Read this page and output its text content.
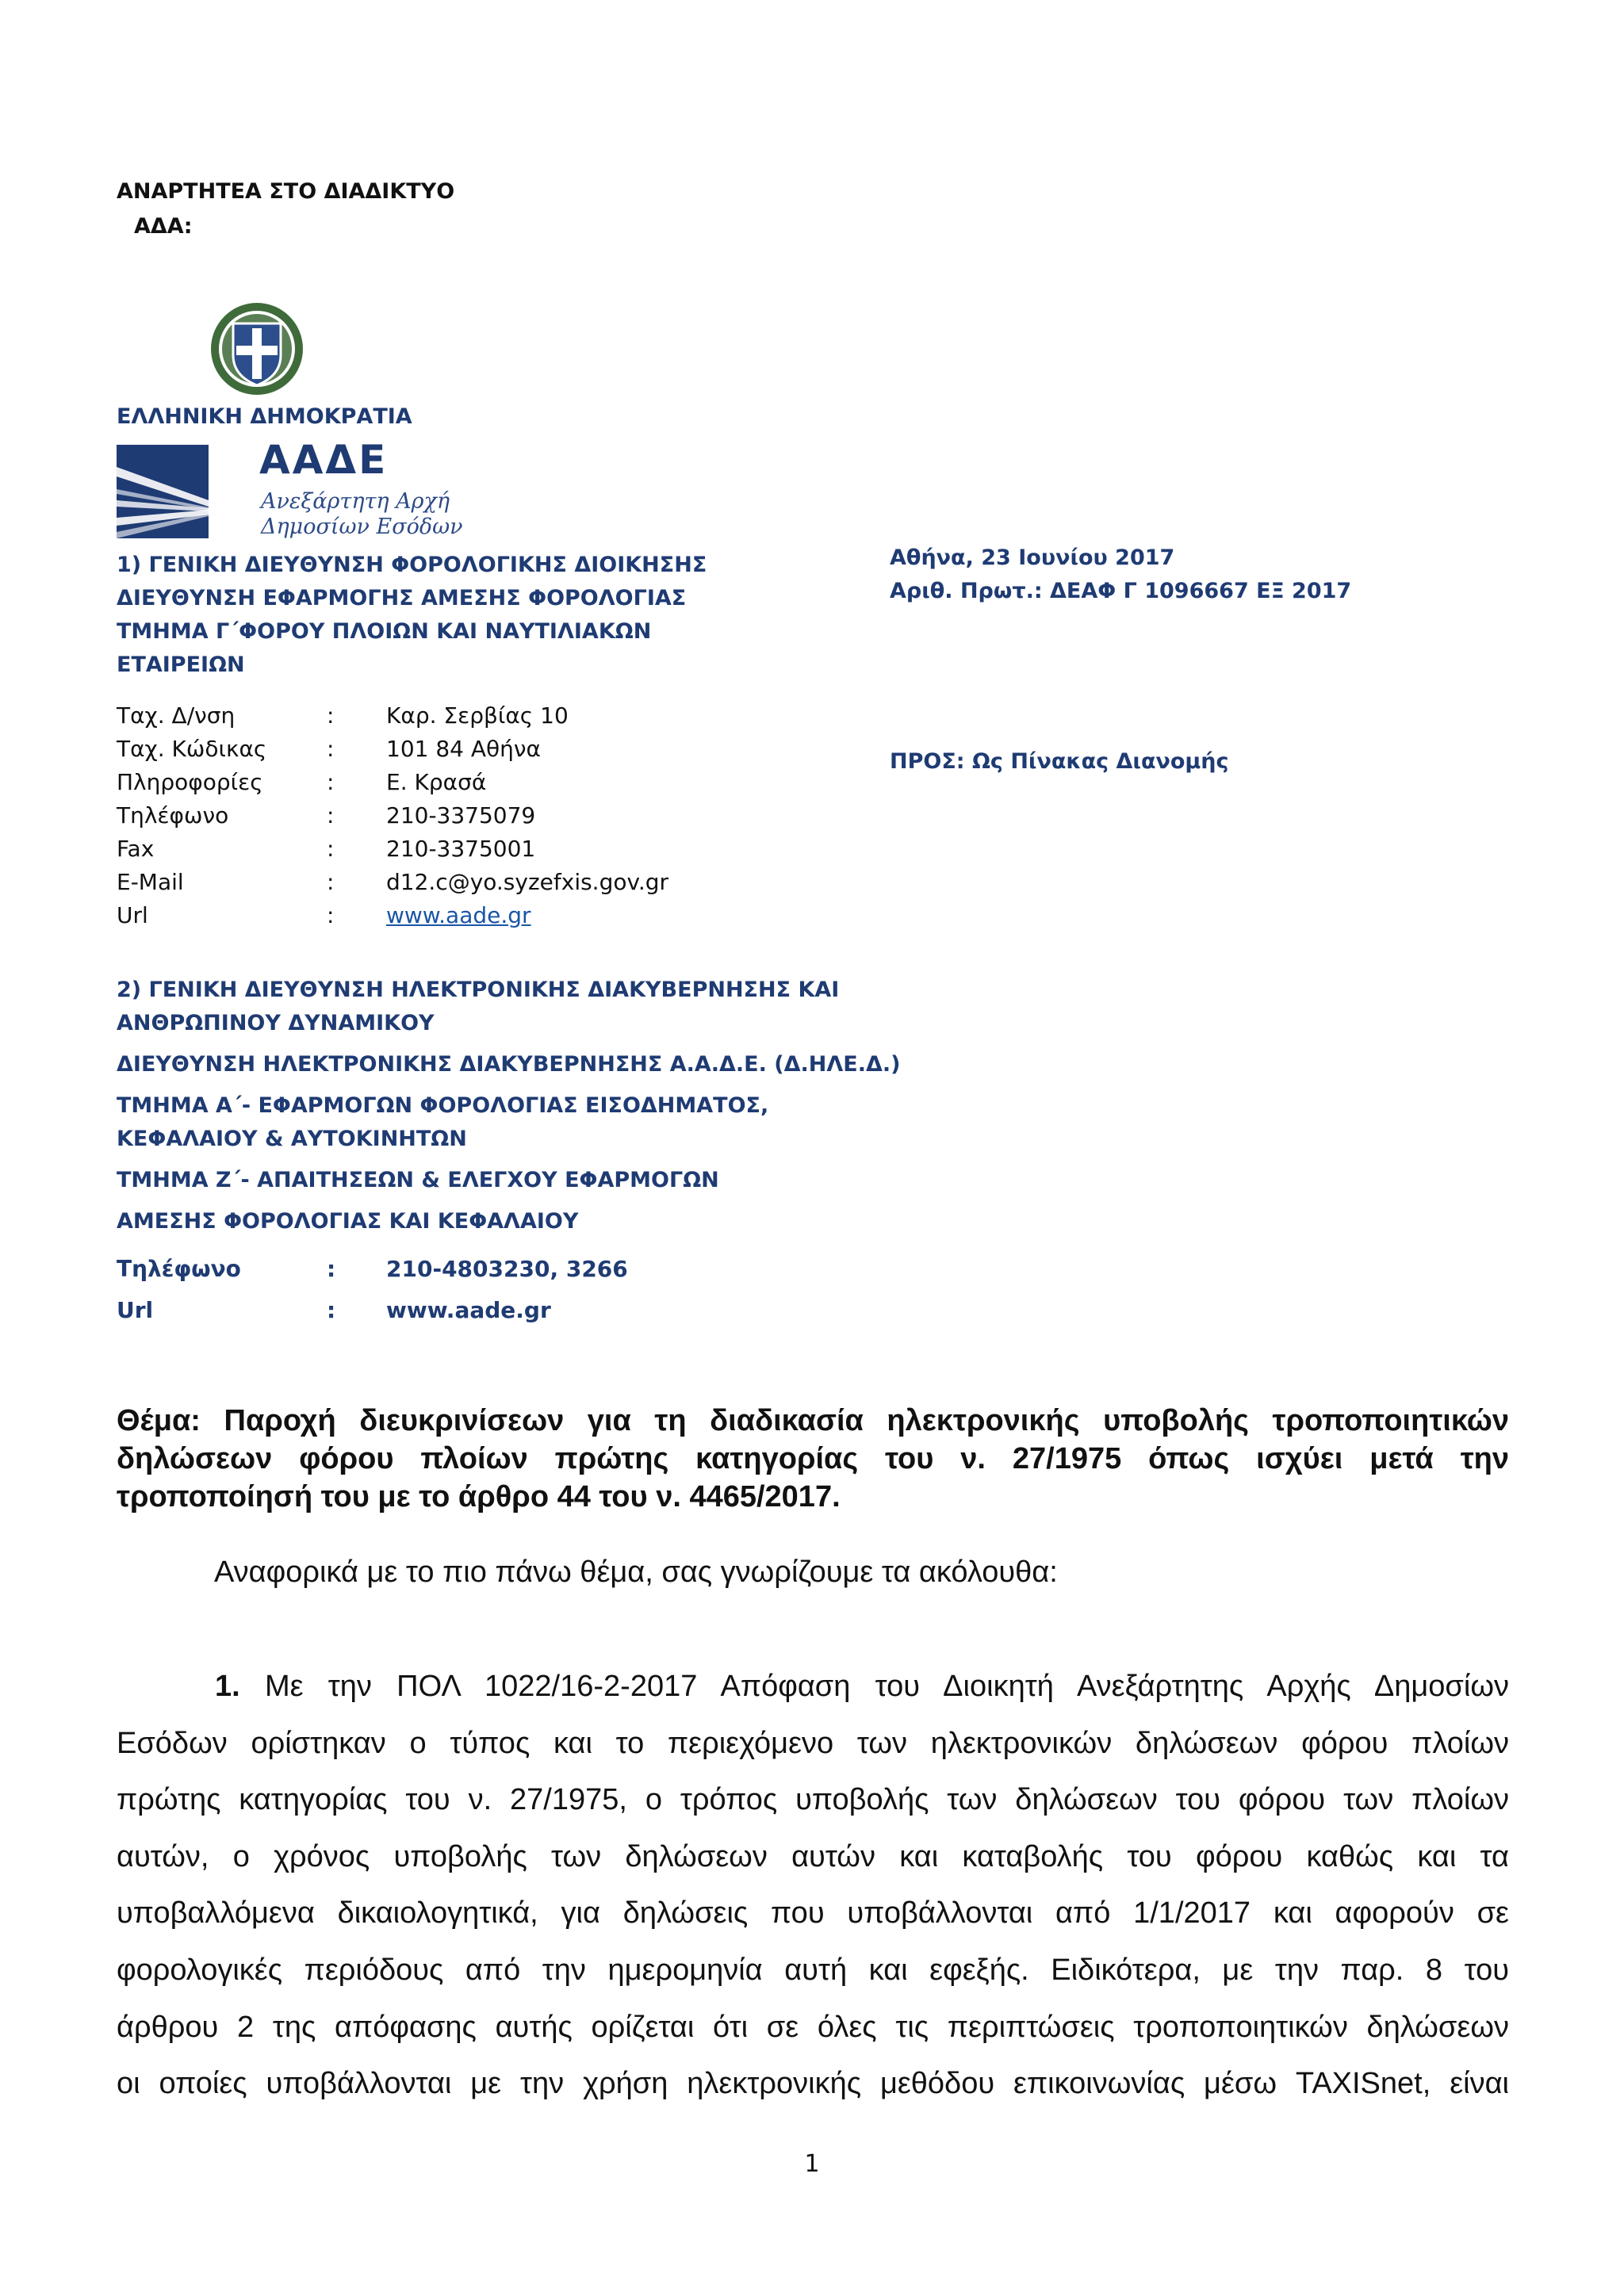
ΑΝΑΡΤΗΤΕΑ ΣΤΟ ΔΙΑΔΙΚΤΥΟ
ΑΔΑ:
ΕΛΛΗΝΙΚΗ ΔΗΜΟΚΡΑΤΙΑ
ΑΑΔΕ
Ανεξάρτητη Αρχή
Δημοσίων Εσόδων
1) ΓΕΝΙΚΗ ΔΙΕΥΘΥΝΣΗ ΦΟΡΟΛΟΓΙΚΗΣ ΔΙΟΙΚΗΣΗΣ
ΔΙΕΥΘΥΝΣΗ ΕΦΑΡΜΟΓΗΣ ΑΜΕΣΗΣ ΦΟΡΟΛΟΓΙΑΣ
ΤΜΗΜΑ Γ΄ΦΟΡΟΥ ΠΛΟΙΩΝ ΚΑΙ ΝΑΥΤΙΛΙΑΚΩΝ
ΕΤΑΙΡΕΙΩΝ
Ταχ. Δ/νση	:	Καρ. Σερβίας 10
Ταχ. Κώδικας	:	101 84 Αθήνα
Πληροφορίες	:	Ε. Κρασά
Τηλέφωνο	:	210-3375079
Fax	:	210-3375001
E-Mail	:	d12.c@yo.syzefxis.gov.gr
Url	:	www.aade.gr
Αθήνα, 23 Ιουνίου 2017
Αριθ. Πρωτ.: ΔΕΑΦ Γ 1096667 ΕΞ 2017
ΠΡΟΣ: Ως Πίνακας Διανομής
2) ΓΕΝΙΚΗ ΔΙΕΥΘΥΝΣΗ ΗΛΕΚΤΡΟΝΙΚΗΣ ΔΙΑΚΥΒΕΡΝΗΣΗΣ ΚΑΙ
ΑΝΘΡΩΠΙΝΟΥ ΔΥΝΑΜΙΚΟΥ
ΔΙΕΥΘΥΝΣΗ ΗΛΕΚΤΡΟΝΙΚΗΣ ΔΙΑΚΥΒΕΡΝΗΣΗΣ Α.Α.Δ.Ε. (Δ.ΗΛΕ.Δ.)
ΤΜΗΜΑ Α΄- ΕΦΑΡΜΟΓΩΝ ΦΟΡΟΛΟΓΙΑΣ ΕΙΣΟΔΗΜΑΤΟΣ,
ΚΕΦΑΛΑΙΟΥ & ΑΥΤΟΚΙΝΗΤΩΝ
ΤΜΗΜΑ Ζ΄- ΑΠΑΙΤΗΣΕΩΝ & ΕΛΕΓΧΟΥ ΕΦΑΡΜΟΓΩΝ
ΑΜΕΣΗΣ ΦΟΡΟΛΟΓΙΑΣ ΚΑΙ ΚΕΦΑΛΑΙΟΥ
Τηλέφωνο	:	210-4803230, 3266
Url	:	www.aade.gr
Θέμα: Παροχή διευκρινίσεων για τη διαδικασία ηλεκτρονικής υποβολής τροποποιητικών δηλώσεων φόρου πλοίων πρώτης κατηγορίας του ν. 27/1975 όπως ισχύει μετά την τροποποίησή του με το άρθρο 44 του ν. 4465/2017.
Αναφορικά με το πιο πάνω θέμα, σας γνωρίζουμε τα ακόλουθα:
1. Με την ΠΟΛ 1022/16-2-2017 Απόφαση του Διοικητή Ανεξάρτητης Αρχής Δημοσίων
Εσόδων ορίστηκαν ο τύπος και το περιεχόμενο των ηλεκτρονικών δηλώσεων φόρου πλοίων
πρώτης κατηγορίας του ν. 27/1975, ο τρόπος υποβολής των δηλώσεων του φόρου των πλοίων
αυτών, ο χρόνος υποβολής των δηλώσεων αυτών και καταβολής του φόρου καθώς και τα
υποβαλλόμενα δικαιολογητικά, για δηλώσεις που υποβάλλονται από 1/1/2017 και αφορούν σε
φορολογικές περιόδους από την ημερομηνία αυτή και εφεξής. Ειδικότερα, με την παρ. 8 του
άρθρου 2 της απόφασης αυτής ορίζεται ότι σε όλες τις περιπτώσεις τροποποιητικών δηλώσεων
οι οποίες υποβάλλονται με την χρήση ηλεκτρονικής μεθόδου επικοινωνίας μέσω TAXISnet, είναι
1
